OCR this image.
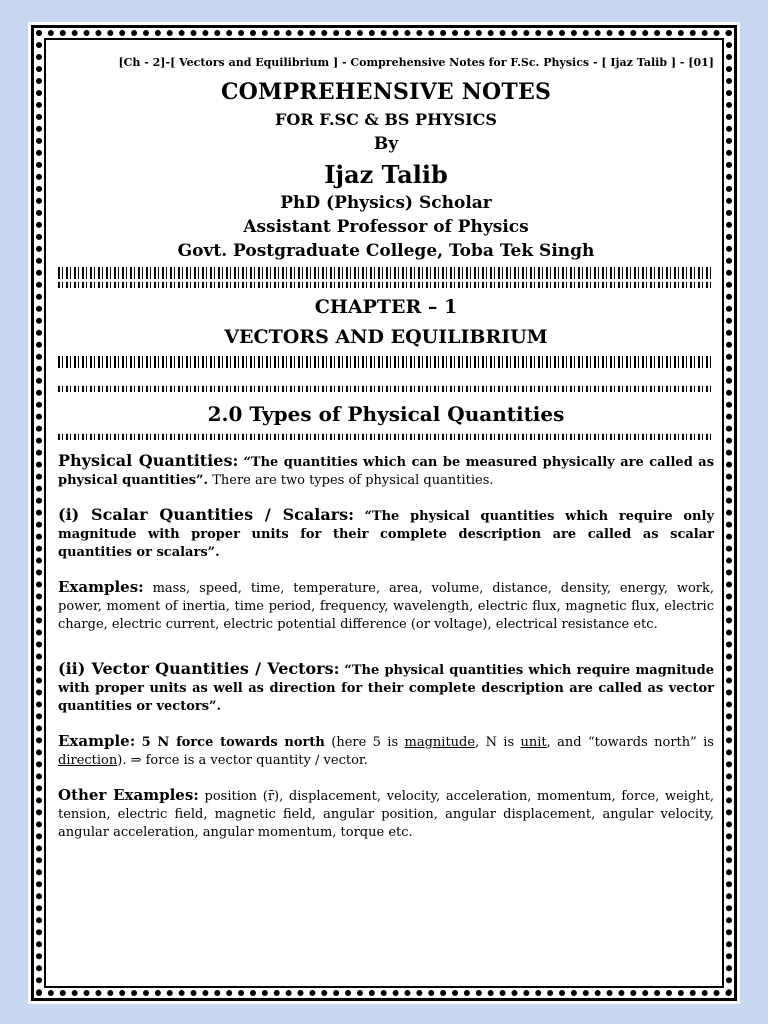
[Ch - 2]-[ Vectors and Equilibrium ] - Comprehensive Notes for F.Sc. Physics - [ Ijaz Talib ] - [01]
COMPREHENSIVE NOTES
FOR F.SC & BS PHYSICS
By
Ijaz Talib
PhD (Physics) Scholar
Assistant Professor of Physics
Govt. Postgraduate College, Toba Tek Singh
CHAPTER – 1
VECTORS AND EQUILIBRIUM
2.0 Types of Physical Quantities

Physical Quantities: “The quantities which can be measured physically are called as physical quantities”. There are two types of physical quantities.

(i) Scalar Quantities / Scalars: “The physical quantities which require only magnitude with proper units for their complete description are called as scalar quantities or scalars”.

Examples: mass, speed, time, temperature, area, volume, distance, density, energy, work, power, moment of inertia, time period, frequency, wavelength, electric flux, magnetic flux, electric charge, electric current, electric potential difference (or voltage), electrical resistance etc.

(ii) Vector Quantities / Vectors: “The physical quantities which require magnitude with proper units as well as direction for their complete description are called as vector quantities or vectors”.

Example: 5 N force towards north (here 5 is magnitude, N is unit, and “towards north” is direction). ⇒ force is a vector quantity / vector.

Other Examples: position (r̄), displacement, velocity, acceleration, momentum, force, weight, tension, electric field, magnetic field, angular position, angular displacement, angular velocity, angular acceleration, angular momentum, torque etc.
